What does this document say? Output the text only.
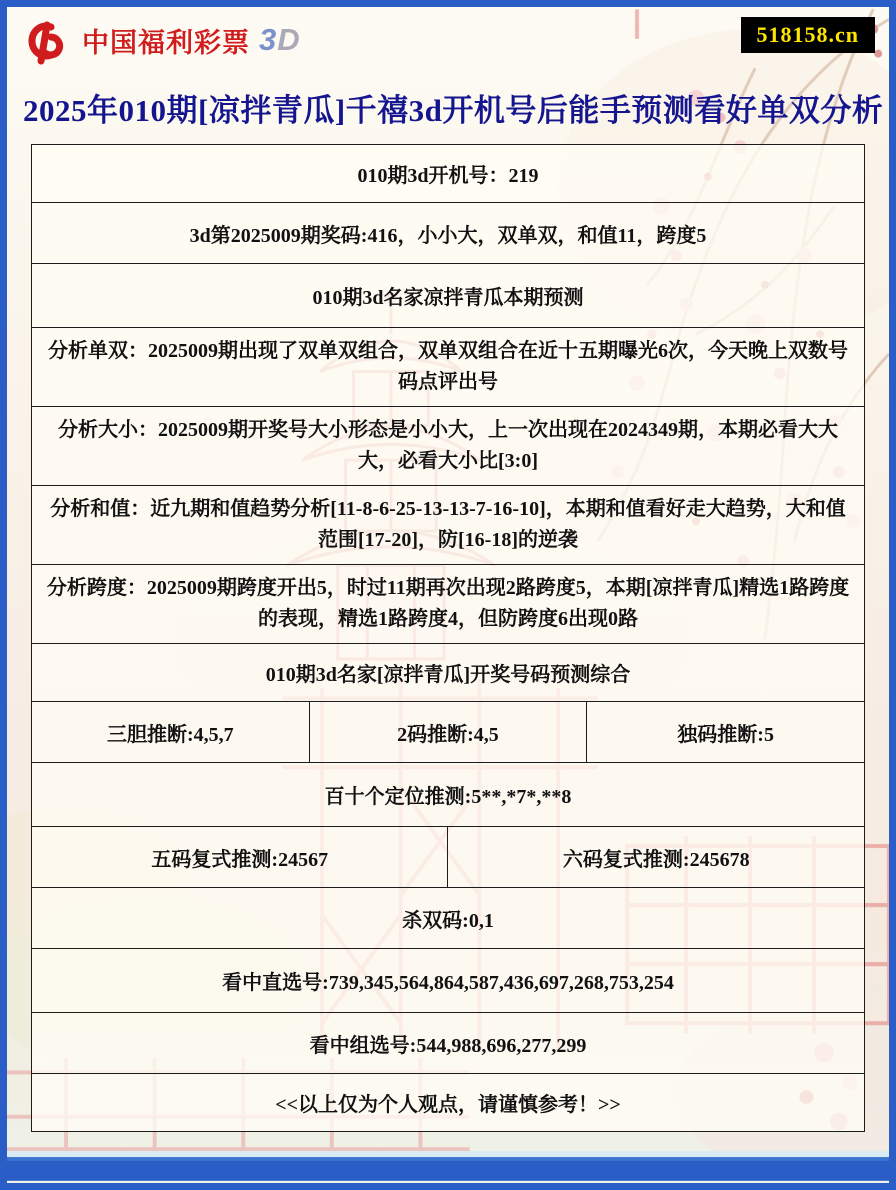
中国福利彩票 3D	518158.cn
2025年010期[凉拌青瓜]千禧3d开机号后能手预测看好单双分析
010期3d开机号：219			
3d第2025009期奖码:416，小小大，双单双，和值11，跨度5			
010期3d名家凉拌青瓜本期预测			
分析单双：2025009期出现了双单双组合，双单双组合在近十五期曝光6次，今天晚上双数号码点评出号			
分析大小：2025009期开奖号大小形态是小小大，上一次出现在2024349期，本期必看大大大，必看大小比[3:0]			
分析和值：近九期和值趋势分析[11-8-6-25-13-13-7-16-10]，本期和值看好走大趋势，大和值范围[17-20]，防[16-18]的逆袭			
分析跨度：2025009期跨度开出5，时过11期再次出现2路跨度5，本期[凉拌青瓜]精选1路跨度的表现，精选1路跨度4，但防跨度6出现0路			
010期3d名家[凉拌青瓜]开奖号码预测综合			
三胆推断:4,5,7	2码推断:4,5		独码推断:5
百十个定位推测:5**,*7*,**8			
五码复式推测:24567		六码复式推测:245678	
杀双码:0,1			
看中直选号:739,345,564,864,587,436,697,268,753,254			
看中组选号:544,988,696,277,299			
<<以上仅为个人观点，请谨慎参考！>>			
